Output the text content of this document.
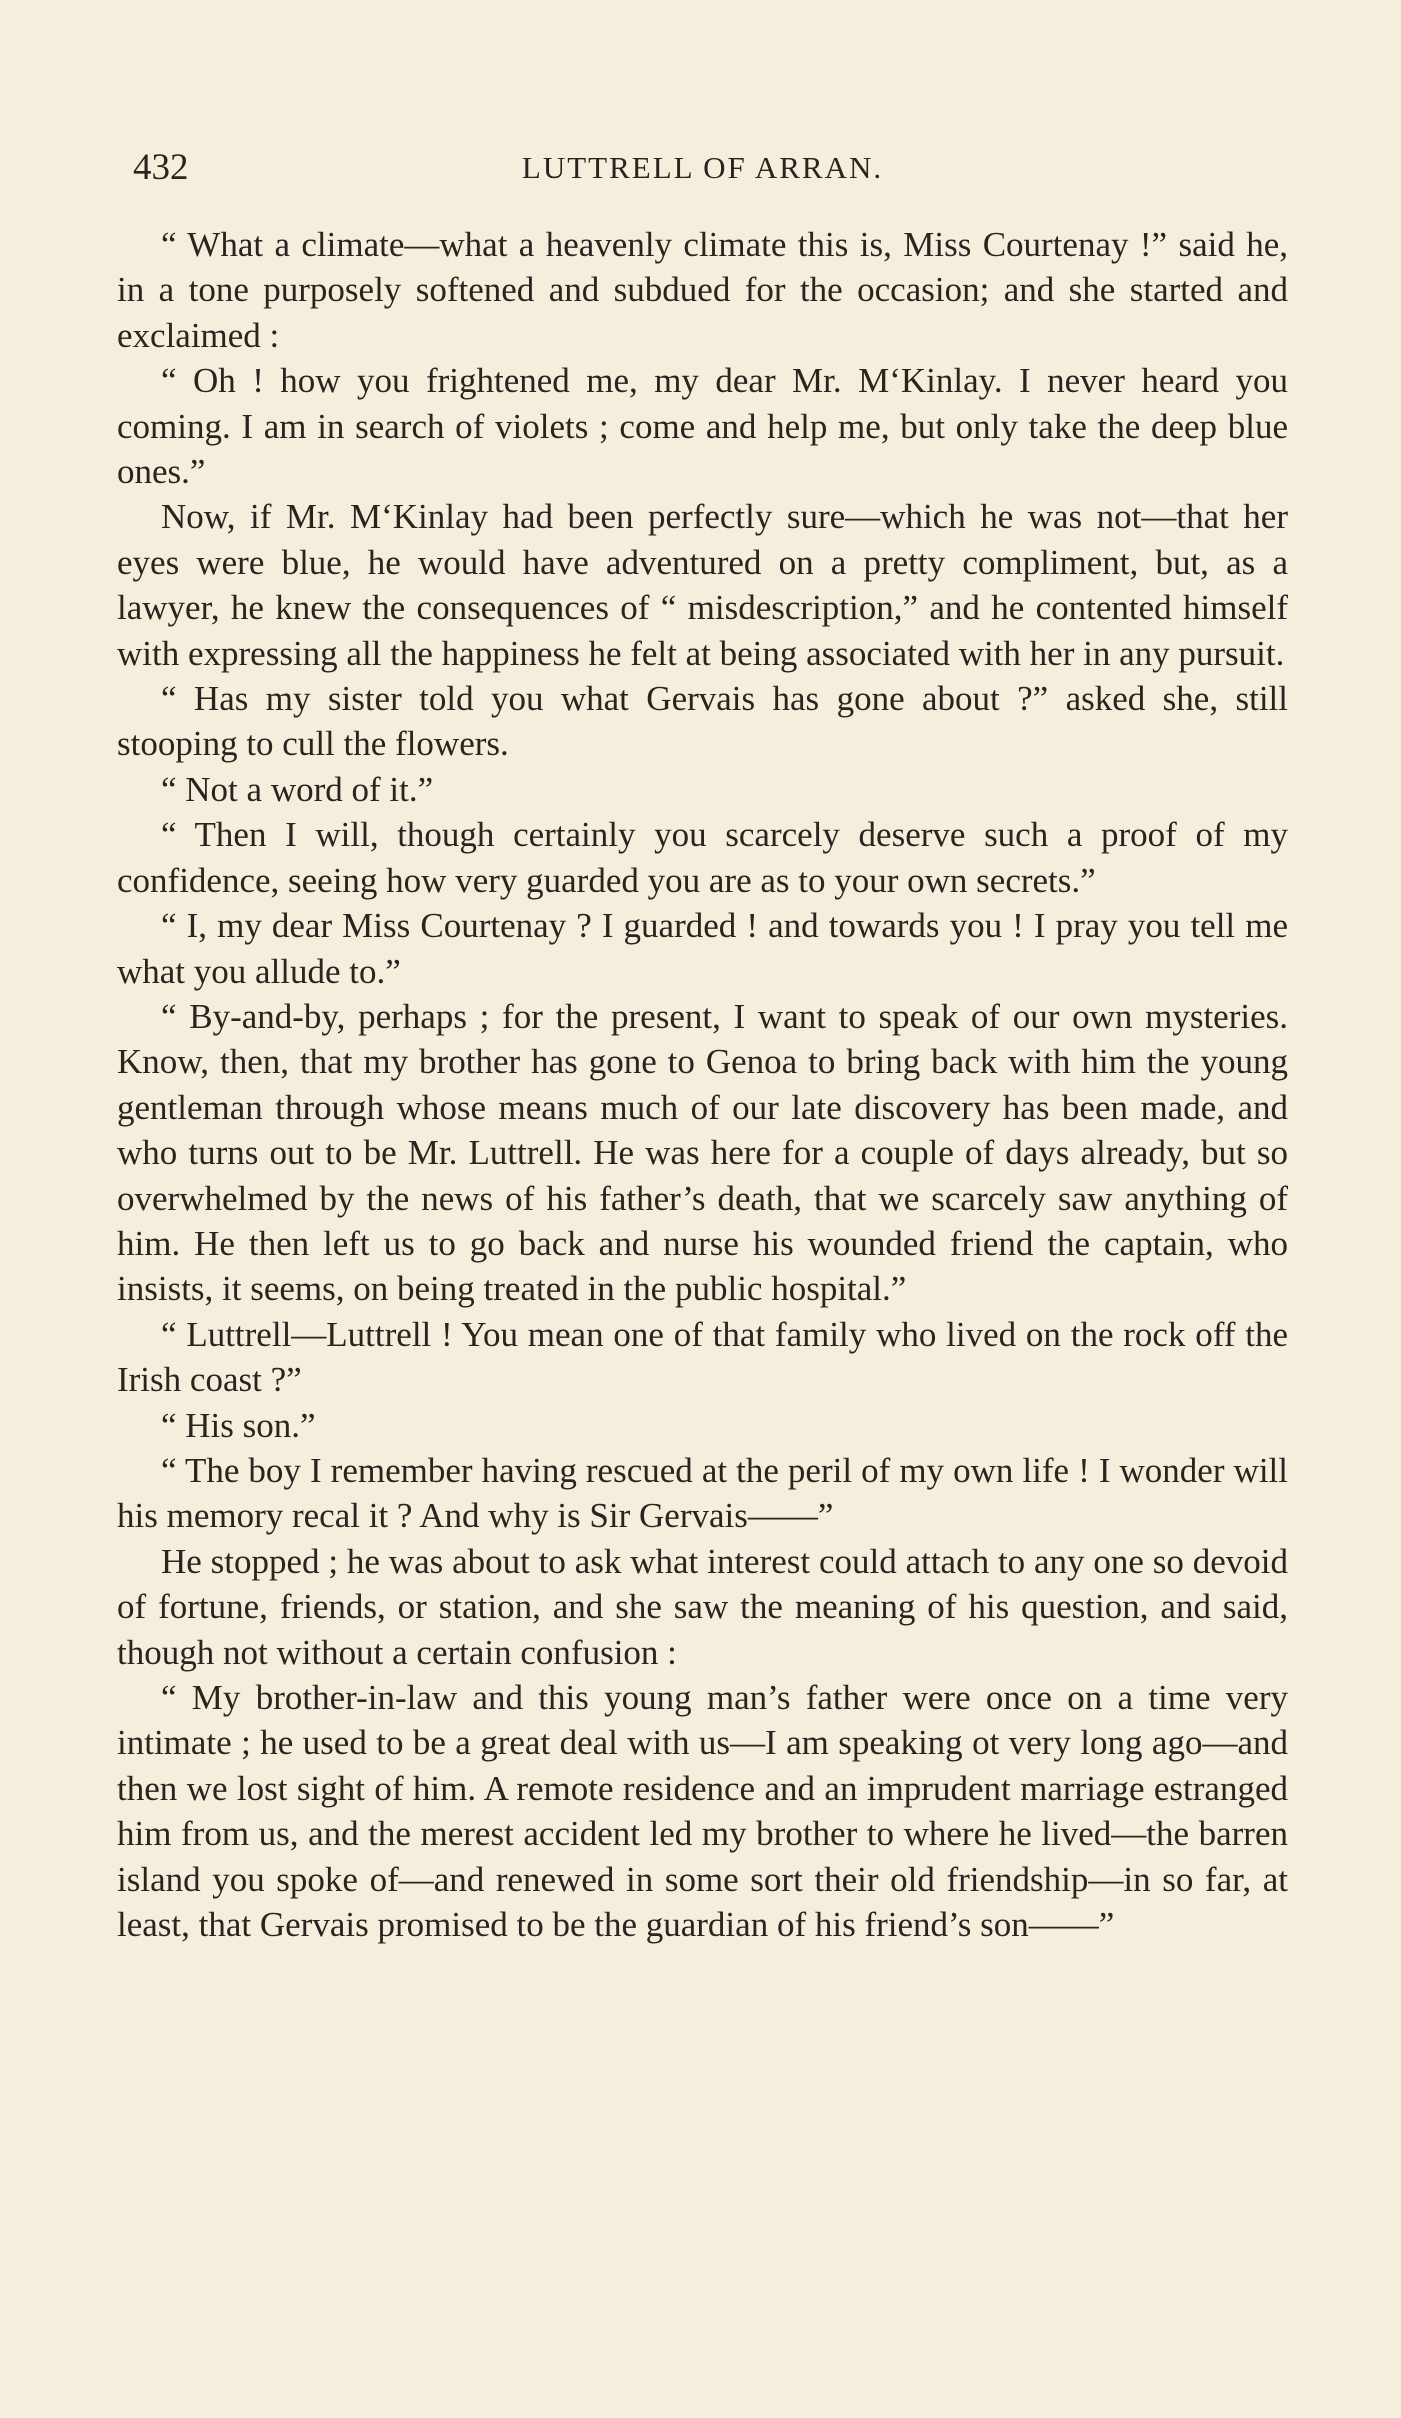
432	LUTTRELL OF ARRAN.

“ What a climate—what a heavenly climate this is, Miss Courtenay !” said he, in a tone purposely softened and subdued for the occasion; and she started and exclaimed :

“ Oh ! how you frightened me, my dear Mr. M‘Kinlay. I never heard you coming. I am in search of violets ; come and help me, but only take the deep blue ones.”

Now, if Mr. M‘Kinlay had been perfectly sure—which he was not—that her eyes were blue, he would have adventured on a pretty compliment, but, as a lawyer, he knew the consequences of “ misdescription,” and he contented himself with expressing all the happiness he felt at being associated with her in any pursuit.

“ Has my sister told you what Gervais has gone about ?” asked she, still stooping to cull the flowers.

“ Not a word of it.”

“ Then I will, though certainly you scarcely deserve such a proof of my confidence, seeing how very guarded you are as to your own secrets.”

“ I, my dear Miss Courtenay ? I guarded ! and towards you ! I pray you tell me what you allude to.”

“ By-and-by, perhaps ; for the present, I want to speak of our own mysteries. Know, then, that my brother has gone to Genoa to bring back with him the young gentleman through whose means much of our late discovery has been made, and who turns out to be Mr. Luttrell. He was here for a couple of days already, but so overwhelmed by the news of his father’s death, that we scarcely saw anything of him. He then left us to go back and nurse his wounded friend the captain, who insists, it seems, on being treated in the public hospital.”

“ Luttrell—Luttrell ! You mean one of that family who lived on the rock off the Irish coast ?”

“ His son.”

“ The boy I remember having rescued at the peril of my own life ! I wonder will his memory recal it ? And why is Sir Gervais——”

He stopped ; he was about to ask what interest could attach to any one so devoid of fortune, friends, or station, and she saw the meaning of his question, and said, though not without a certain confusion :

“ My brother-in-law and this young man’s father were once on a time very intimate ; he used to be a great deal with us—I am speaking ot very long ago—and then we lost sight of him. A remote residence and an imprudent marriage estranged him from us, and the merest accident led my brother to where he lived—the barren island you spoke of—and renewed in some sort their old friendship—in so far, at least, that Gervais promised to be the guardian of his friend’s son——”
